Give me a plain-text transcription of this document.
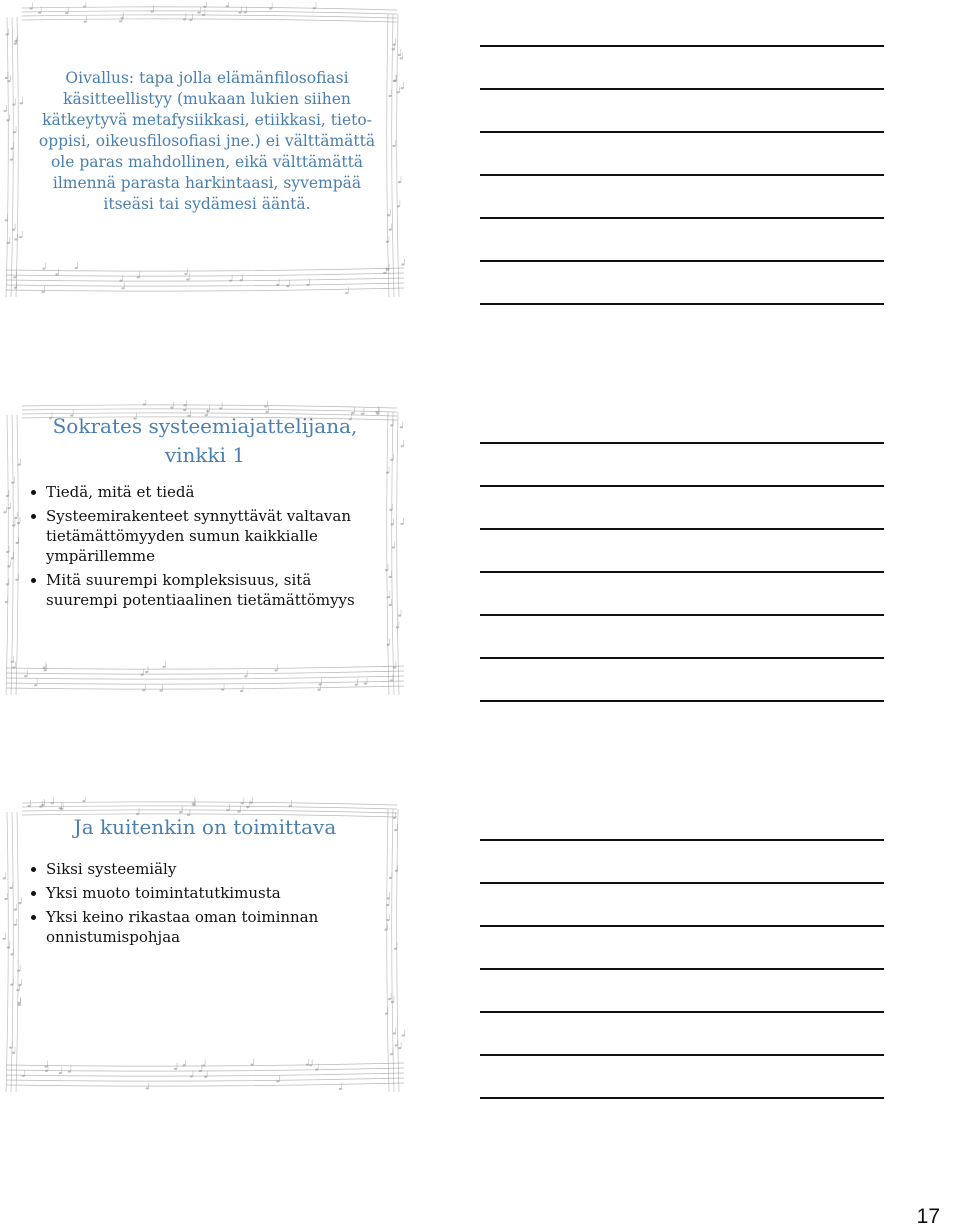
Oivallus: tapa jolla elämänfilosofiasi käsitteellistyy (mukaan lukien siihen kätkeytyvä metafysiikkasi, etiikkasi, tieto-oppisi, oikeusfilosofiasi jne.) ei välttämättä ole paras mahdollinen, eikä välttämättä ilmennä parasta harkintaasi, syvempää itseäsi tai sydämesi ääntä.
Sokrates systeemiajattelijana, vinkki 1
Tiedä, mitä et tiedä
Systeemirakenteet synnyttävät valtavan tietämättömyyden sumun kaikkialle ympärillemme
Mitä suurempi kompleksisuus, sitä suurempi potentiaalinen tietämättömyys
Ja kuitenkin on toimittava
Siksi systeemiäly
Yksi muoto toimintatutkimusta
Yksi keino rikastaa oman toiminnan onnistumispohjaa
17
